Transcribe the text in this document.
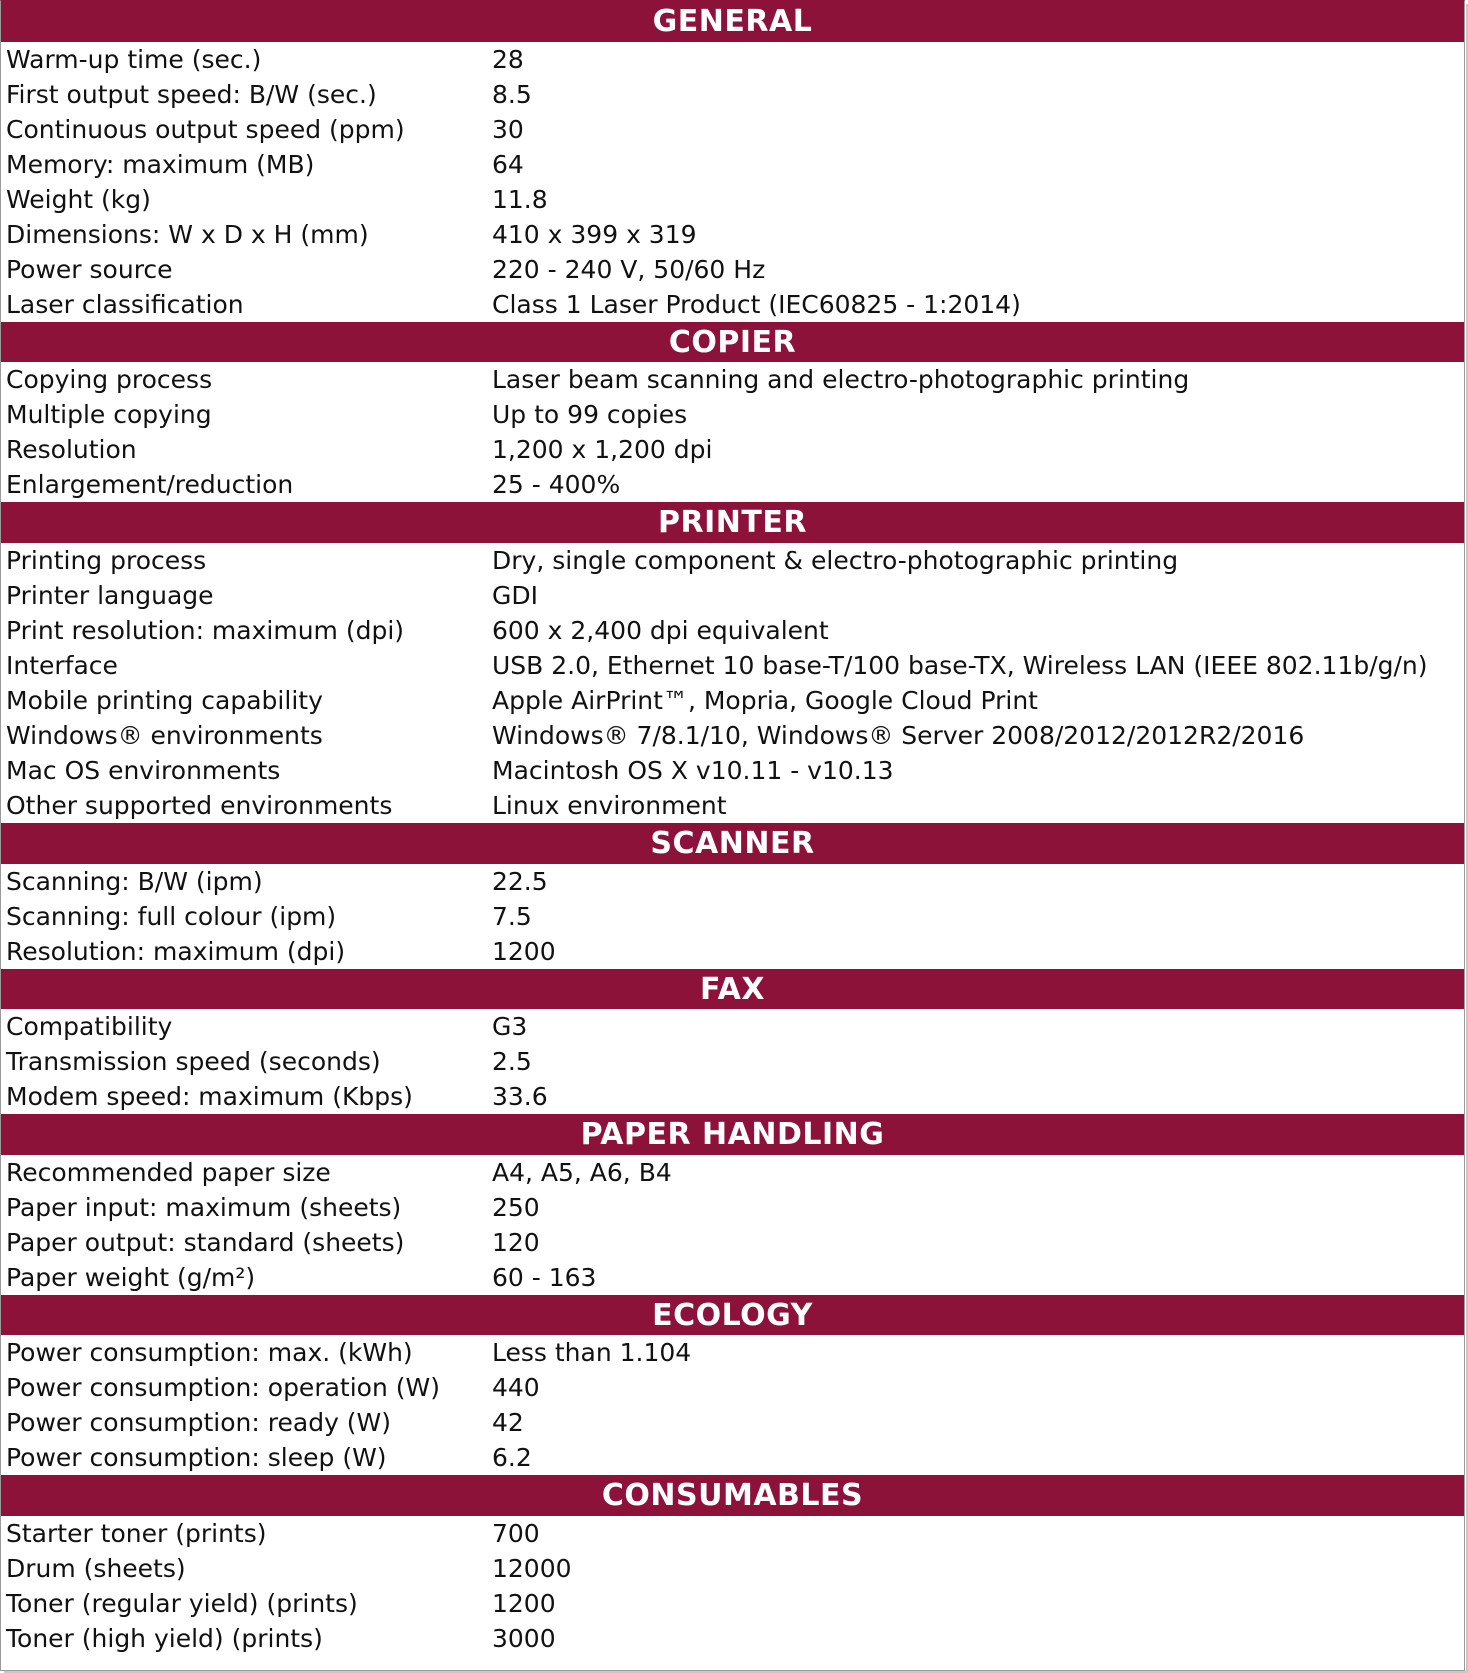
GENERAL
Warm-up time (sec.)	28
First output speed: B/W (sec.)	8.5
Continuous output speed (ppm)	30
Memory: maximum (MB)	64
Weight (kg)	11.8
Dimensions: W x D x H (mm)	410 x 399 x 319
Power source	220 - 240 V, 50/60 Hz
Laser classification	Class 1 Laser Product (IEC60825 - 1:2014)
COPIER
Copying process	Laser beam scanning and electro-photographic printing
Multiple copying	Up to 99 copies
Resolution	1,200 x 1,200 dpi
Enlargement/reduction	25 - 400%
PRINTER
Printing process	Dry, single component & electro-photographic printing
Printer language	GDI
Print resolution: maximum (dpi)	600 x 2,400 dpi equivalent
Interface	USB 2.0, Ethernet 10 base-T/100 base-TX, Wireless LAN (IEEE 802.11b/g/n)
Mobile printing capability	Apple AirPrint™, Mopria, Google Cloud Print
Windows® environments	Windows® 7/8.1/10, Windows® Server 2008/2012/2012R2/2016
Mac OS environments	Macintosh OS X v10.11 - v10.13
Other supported environments	Linux environment
SCANNER
Scanning: B/W (ipm)	22.5
Scanning: full colour (ipm)	7.5
Resolution: maximum (dpi)	1200
FAX
Compatibility	G3
Transmission speed (seconds)	2.5
Modem speed: maximum (Kbps)	33.6
PAPER HANDLING
Recommended paper size	A4, A5, A6, B4
Paper input: maximum (sheets)	250
Paper output: standard (sheets)	120
Paper weight (g/m²)	60 - 163
ECOLOGY
Power consumption: max. (kWh)	Less than 1.104
Power consumption: operation (W)	440
Power consumption: ready (W)	42
Power consumption: sleep (W)	6.2
CONSUMABLES
Starter toner (prints)	700
Drum (sheets)	12000
Toner (regular yield) (prints)	1200
Toner (high yield) (prints)	3000
